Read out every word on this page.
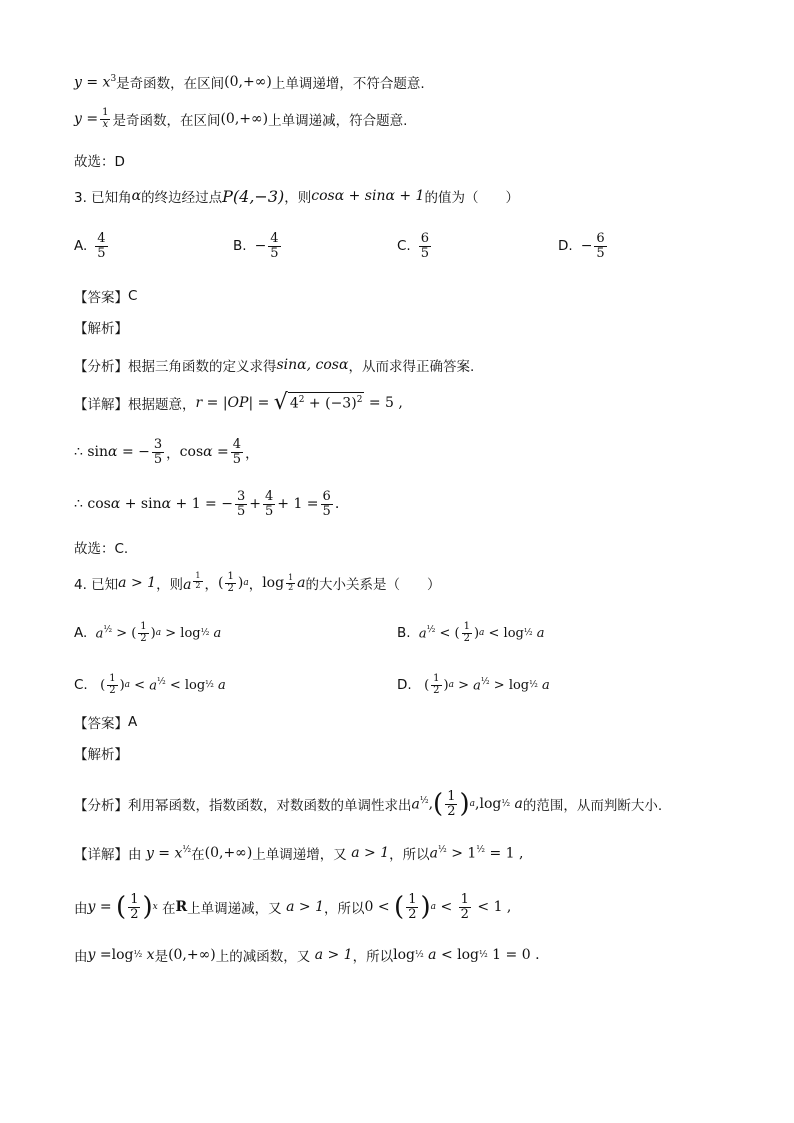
$y = x^3$ 是奇函数，在区间 (0,+∞) 上单调递增，不符合题意.
$y = \frac{1}{x}$ 是奇函数，在区间 (0,+∞) 上单调递减，符合题意.
故选：D
3. 已知角 α 的终边经过点 P(4,−3) ，则 cosα + sinα + 1 的值为（　　）
A. $\frac{4}{5}$	B. − $\frac{4}{5}$	C. $\frac{6}{5}$	D. − $\frac{6}{5}$
【答案】 C
【解析】
【分析】 根据三角函数的定义求得 sinα, cosα ，从而求得正确答案.
【详解】 根据题意， r = |OP| = √ $4^2 + (-3)^2 = 5$ ,
∴ sin α = − $\frac{3}{5}$ ， $\cos \alpha = \frac{4}{5}$ ，
∴ cos α + sin α + 1 = − $\frac{3}{5} + \frac{4}{5} + 1 = \frac{6}{5}$ .
故选：C.
4. 已知 a > 1 ，则 a $^{\frac{1}{2}}$ ， ( $\frac{1}{2}$ ) a ， $\log \frac{1}{2}$ a 的大小关系是（　　）
A.
$a^{\frac{1}{2}}$ > ( $\frac{1}{2}$ ) a > log ½
a	B.
$a^{\frac{1}{2}}$ < ( $\frac{1}{2}$ ) a < log ½
a
C. ( $\frac{1}{2}$ ) $a < a^{\frac{1}{2}} < \log$ ½
a	D. ( $\frac{1}{2}$ ) $a > a^{\frac{1}{2}} > \log$ ½
a
【答案】 A
【解析】
【分析】 利用幂函数，指数函数，对数函数的单调性求出 $a^{\frac{1}{2}}$ , ( $\frac{1}{2}$ ) a ,log ½ a 的范围，从而判断大小.
【详解】 由 $y = x^{\frac{1}{2}}$ 在 (0,+∞) 上单调递增，又 a > 1 ，所以 $a^{\frac{1}{2}} > 1^{\frac{1}{2}} = 1$ ,
由 y = ( $\frac{1}{2}$ ) x
在 R 上单调递减，又 a > 1 ，所以 0 < ( $\frac{1}{2}$ ) $a < \frac{1}{2} < 1$ ,
由 y = log ½ x 是 (0,+∞) 上的减函数，又 a > 1 ，所以 log ½ a < log ½ 1 = 0 .
